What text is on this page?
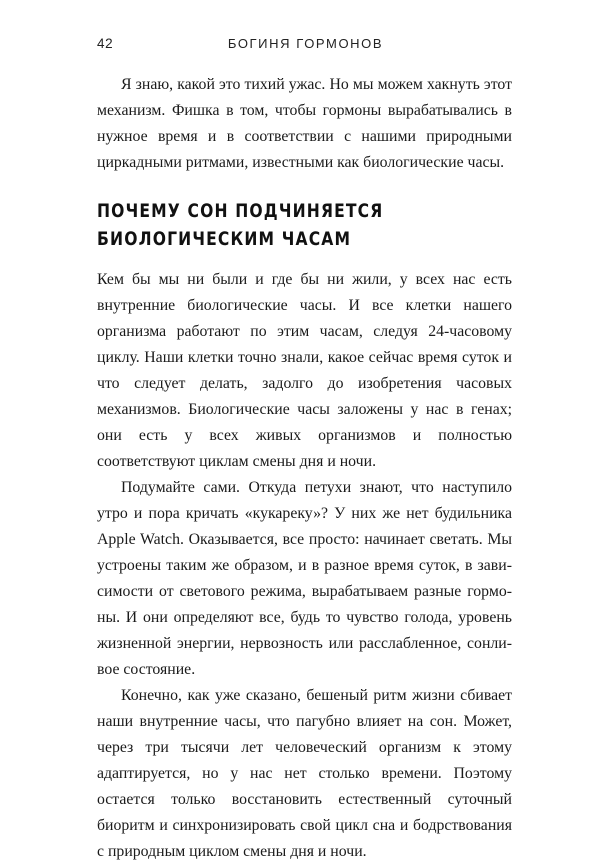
42	БОГИНЯ ГОРМОНОВ

Я знаю, какой это тихий ужас. Но мы можем хакнуть этот механизм. Фишка в том, чтобы гормоны вырабатывались в нужное время и в соответствии с нашими природными циркадными ритмами, известными как биологические часы.

ПОЧЕМУ СОН ПОДЧИНЯЕТСЯ
БИОЛОГИЧЕСКИМ ЧАСАМ

Кем бы мы ни были и где бы ни жили, у всех нас есть внутренние биологические часы. И все клетки нашего организма работают по этим часам, следуя 24-часовому циклу. Наши клетки точно знали, какое сейчас время суток и что следует делать, задолго до изобретения часовых механизмов. Биологические часы заложены у нас в генах; они есть у всех живых организмов и полностью соответствуют циклам смены дня и ночи.

Подумайте сами. Откуда петухи знают, что наступило утро и пора кричать «кукареку»? У них же нет будильника Apple Watch. Оказывается, все просто: начинает светать. Мы устроены таким же образом, и в разное время суток, в зависимости от светового режима, вырабатываем разные гормоны. И они определяют все, будь то чувство голода, уровень жизненной энергии, нервозность или расслабленное, сонливое состояние.

Конечно, как уже сказано, бешеный ритм жизни сбивает наши внутренние часы, что пагубно влияет на сон. Может, через три тысячи лет человеческий организм к этому адаптируется, но у нас нет столько времени. Поэтому остается только восстановить естественный суточный биоритм и синхронизировать свой цикл сна и бодрствования с природным циклом смены дня и ночи.
